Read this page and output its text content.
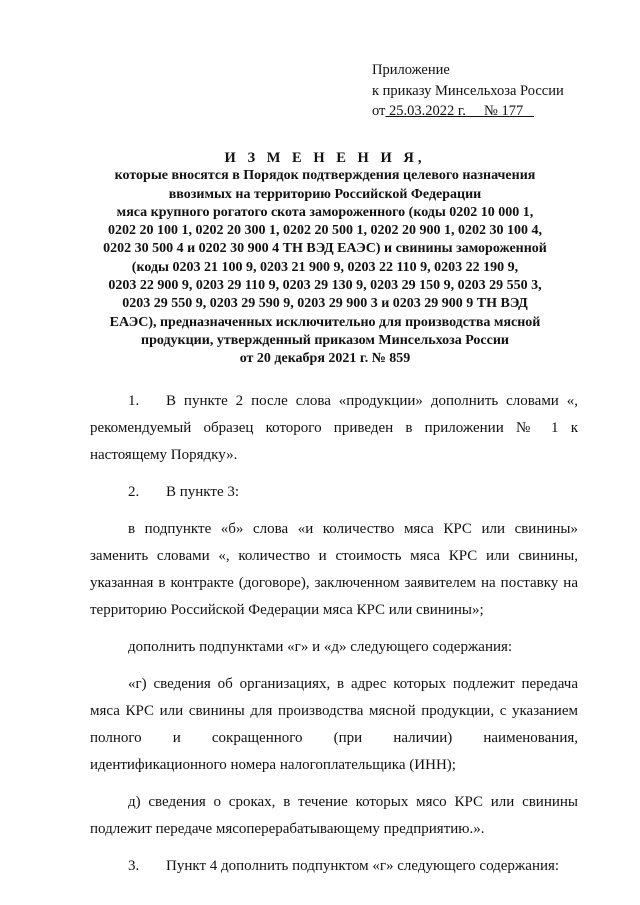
Приложение
к приказу Минсельхоза России
от 25.03.2022 г. № 177
И З М Е Н Е Н И Я,
которые вносятся в Порядок подтверждения целевого назначения
ввозимых на территорию Российской Федерации
мяса крупного рогатого скота замороженного (коды 0202 10 000 1,
0202 20 100 1, 0202 20 300 1, 0202 20 500 1, 0202 20 900 1, 0202 30 100 4,
0202 30 500 4 и 0202 30 900 4 ТН ВЭД ЕАЭС) и свинины замороженной
(коды 0203 21 100 9, 0203 21 900 9, 0203 22 110 9, 0203 22 190 9,
0203 22 900 9, 0203 29 110 9, 0203 29 130 9, 0203 29 150 9, 0203 29 550 3,
0203 29 550 9, 0203 29 590 9, 0203 29 900 3 и 0203 29 900 9 ТН ВЭД
ЕАЭС), предназначенных исключительно для производства мясной
продукции, утвержденный приказом Минсельхоза России
от 20 декабря 2021 г. № 859
1. В пункте 2 после слова «продукции» дополнить словами «, рекомендуемый образец которого приведен в приложении № 1 к настоящему Порядку».
2. В пункте 3:
в подпункте «б» слова «и количество мяса КРС или свинины» заменить словами «, количество и стоимость мяса КРС или свинины, указанная в контракте (договоре), заключенном заявителем на поставку на территорию Российской Федерации мяса КРС или свинины»;
дополнить подпунктами «г» и «д» следующего содержания:
«г) сведения об организациях, в адрес которых подлежит передача мяса КРС или свинины для производства мясной продукции, с указанием полного и сокращенного (при наличии) наименования, идентификационного номера налогоплательщика (ИНН);
д) сведения о сроках, в течение которых мясо КРС или свинины подлежит передаче мясоперерабатывающему предприятию.».
3. Пункт 4 дополнить подпунктом «г» следующего содержания:
